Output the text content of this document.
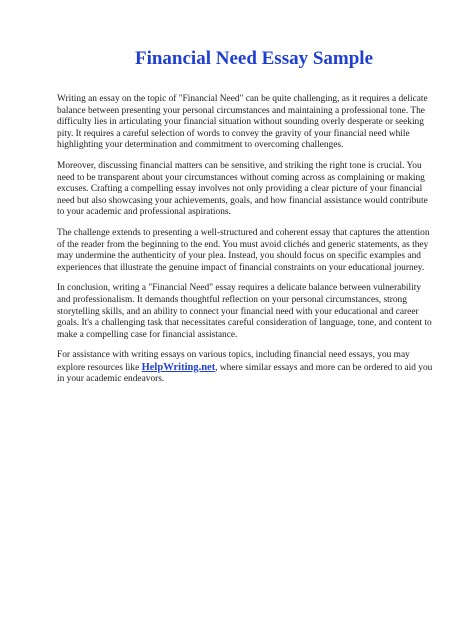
Financial Need Essay Sample

Writing an essay on the topic of "Financial Need" can be quite challenging, as it requires a delicate balance between presenting your personal circumstances and maintaining a professional tone. The difficulty lies in articulating your financial situation without sounding overly desperate or seeking pity. It requires a careful selection of words to convey the gravity of your financial need while highlighting your determination and commitment to overcoming challenges.

Moreover, discussing financial matters can be sensitive, and striking the right tone is crucial. You need to be transparent about your circumstances without coming across as complaining or making excuses. Crafting a compelling essay involves not only providing a clear picture of your financial need but also showcasing your achievements, goals, and how financial assistance would contribute to your academic and professional aspirations.

The challenge extends to presenting a well-structured and coherent essay that captures the attention of the reader from the beginning to the end. You must avoid clichés and generic statements, as they may undermine the authenticity of your plea. Instead, you should focus on specific examples and experiences that illustrate the genuine impact of financial constraints on your educational journey.

In conclusion, writing a "Financial Need" essay requires a delicate balance between vulnerability and professionalism. It demands thoughtful reflection on your personal circumstances, strong storytelling skills, and an ability to connect your financial need with your educational and career goals. It's a challenging task that necessitates careful consideration of language, tone, and content to make a compelling case for financial assistance.

For assistance with writing essays on various topics, including financial need essays, you may explore resources like HelpWriting.net, where similar essays and more can be ordered to aid you in your academic endeavors.
